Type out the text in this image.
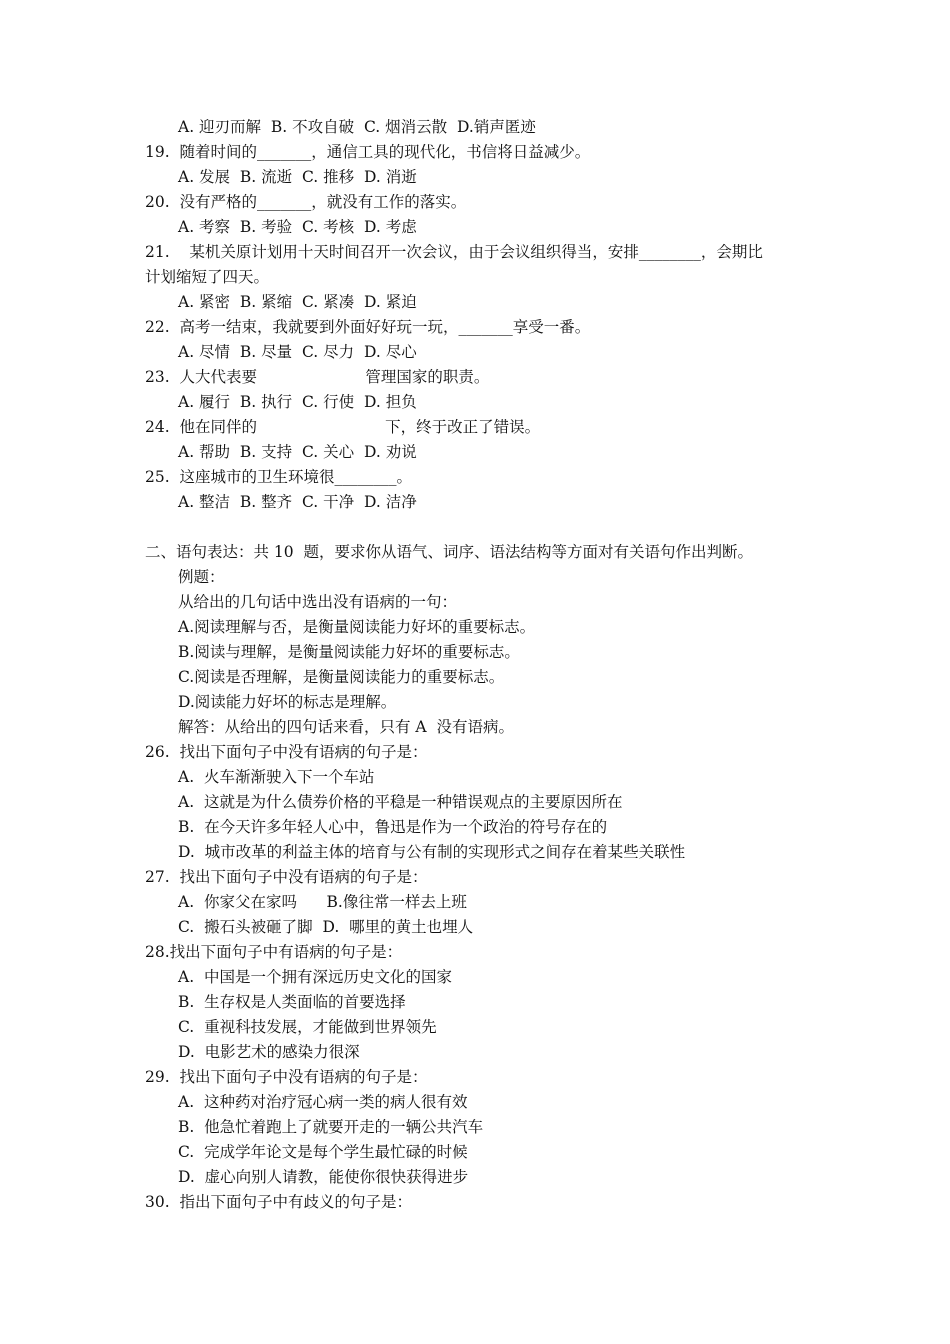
A. 迎刃而解  B. 不攻自破  C. 烟消云散  D.销声匿迹
19.  随着时间的_______，通信工具的现代化，书信将日益减少。
A. 发展  B. 流逝  C. 推移  D. 消逝
20.  没有严格的_______，就没有工作的落实。
A. 考察  B. 考验  C. 考核  D. 考虑
21.    某机关原计划用十天时间召开一次会议，由于会议组织得当，安排________，会期比
计划缩短了四天。
A. 紧密  B. 紧缩  C. 紧凑  D. 紧迫
22.  高考一结束，我就要到外面好好玩一玩，_______享受一番。
A. 尽情  B. 尽量  C. 尽力  D. 尽心
23.  人大代表要                      管理国家的职责。
A. 履行  B. 执行  C. 行使  D. 担负
24.  他在同伴的                          下，终于改正了错误。
A. 帮助  B. 支持  C. 关心  D. 劝说
25.  这座城市的卫生环境很________。
A. 整洁  B. 整齐  C. 干净  D. 洁净
二、语句表达：共 10  题，要求你从语气、词序、语法结构等方面对有关语句作出判断。
例题：
从给出的几句话中选出没有语病的一句：
A.阅读理解与否，是衡量阅读能力好坏的重要标志。
B.阅读与理解，是衡量阅读能力好坏的重要标志。
C.阅读是否理解，是衡量阅读能力的重要标志。
D.阅读能力好坏的标志是理解。
解答：从给出的四句话来看，只有 A  没有语病。
26.  找出下面句子中没有语病的句子是：
A.  火车渐渐驶入下一个车站
A.  这就是为什么债券价格的平稳是一种错误观点的主要原因所在
B.  在今天许多年轻人心中，鲁迅是作为一个政治的符号存在的
D.  城市改革的利益主体的培育与公有制的实现形式之间存在着某些关联性
27.  找出下面句子中没有语病的句子是：
A.  你家父在家吗      B.像往常一样去上班
C.  搬石头被砸了脚  D.  哪里的黄土也埋人
28.找出下面句子中有语病的句子是：
A.  中国是一个拥有深远历史文化的国家
B.  生存权是人类面临的首要选择
C.  重视科技发展，才能做到世界领先
D.  电影艺术的感染力很深
29.  找出下面句子中没有语病的句子是：
A.  这种药对治疗冠心病一类的病人很有效
B.  他急忙着跑上了就要开走的一辆公共汽车
C.  完成学年论文是每个学生最忙碌的时候
D.  虚心向别人请教，能使你很快获得进步
30.  指出下面句子中有歧义的句子是：
